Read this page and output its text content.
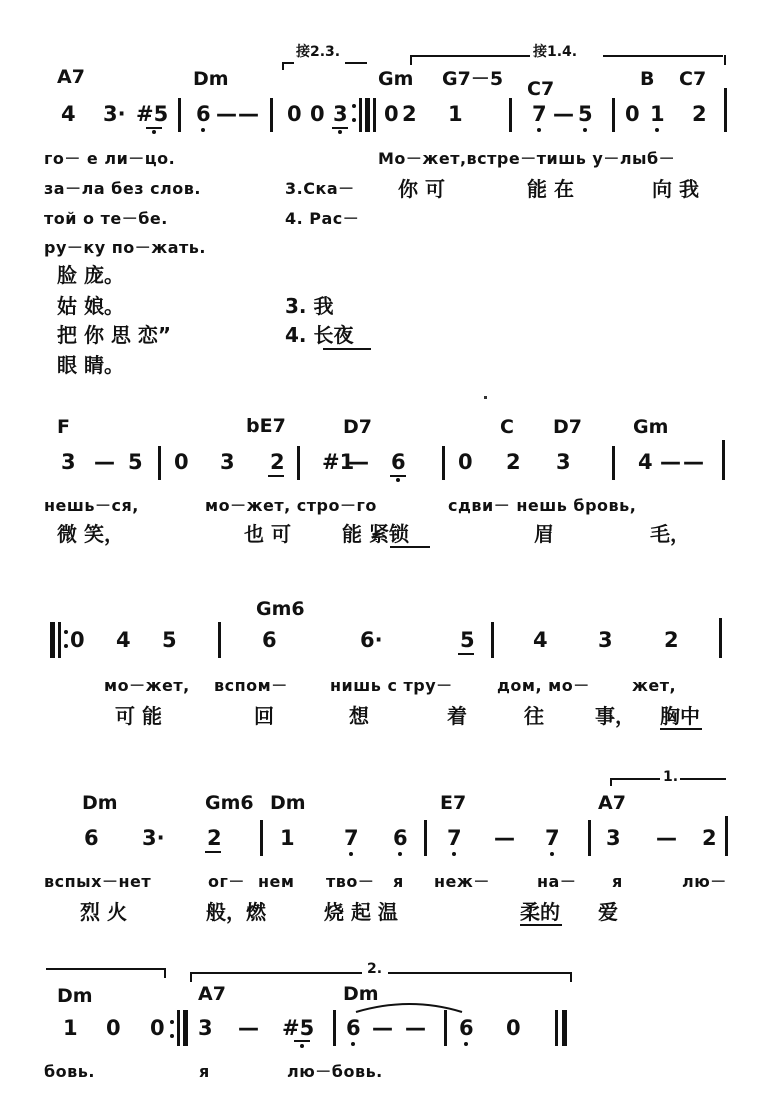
接2.3.	接1.4.
A7	Dm	Gm G7－5 C7	B C7
4 3· #5 6 — — 0 0 3 0 2 1	7 — 5 0 1 2
го－ е ли－цо.	Мо－жет,встре－тишь у－лыб－
за－ла без слов.	3.Ска－ 你 可	能 在	向 我
той о те－бе.	4. Рас－
ру－ку по－жать.
脸 庞。
姑 娘。	3. 我
把 你 思 恋”	4. 长夜
眼 睛。
F	bE7	D7	C D7	Gm
3 — 5 0 3 2 #1
— 6 0 2 3	4 — —
нешь－ся,	мо－жет, стро－го	сдви－ нешь бровь,
微 笑，	也 可	能 紧锁	眉	毛，
Gm6
0 4 5	6	6·	5	4 3 2
мо－жет, вспом－	нишь с тру－	дом, мо－	жет,
可 能	回	想	着	往	事， 胸中
1.
Dm	Gm6 Dm	E7	A7
6 3· 2	1 7 6 7 — 7 3 — 2
вспых－нет	ог－ нем тво－ я неж－	на－ я	лю－
烈 火	般，燃	烧 起 温	柔的 爱
2.
Dm	A7	Dm
1 0 0 3 — #5 6 — — 6 0
бовь.	я	лю－бовь.
